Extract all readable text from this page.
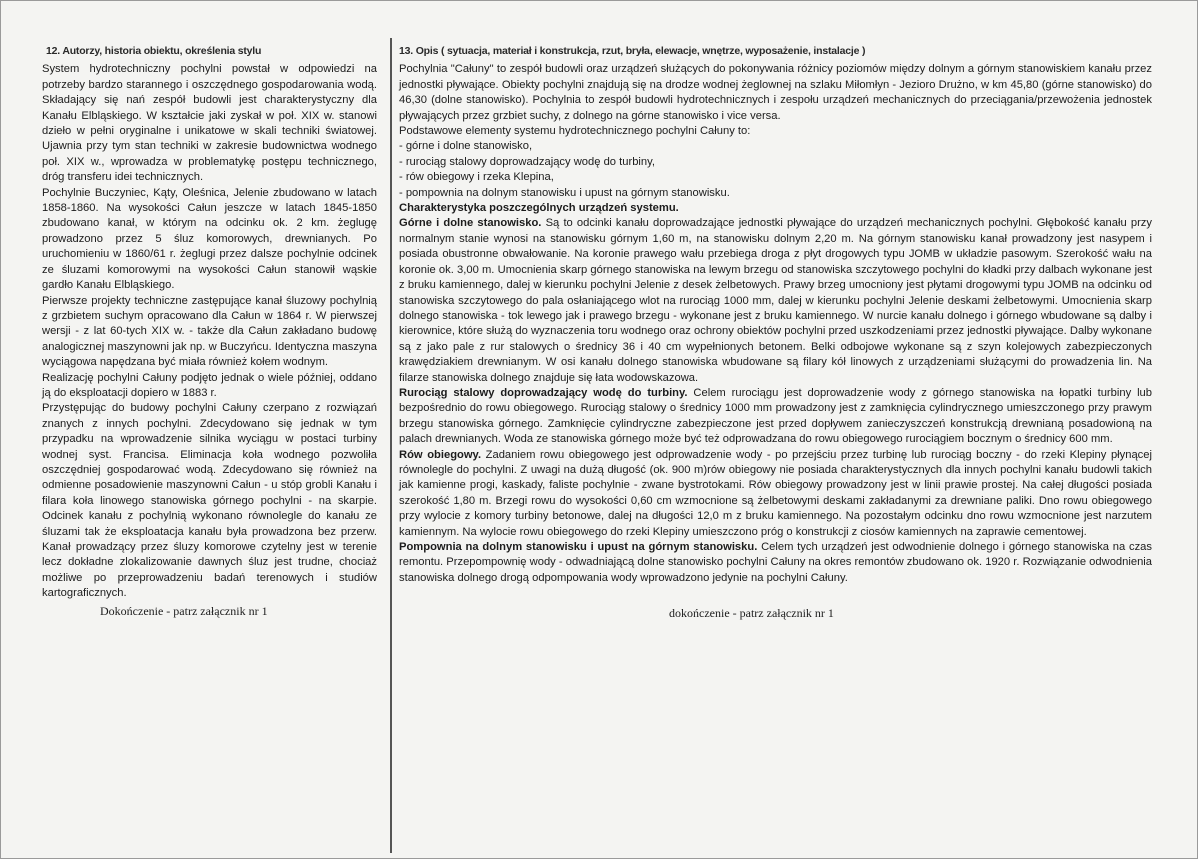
12. Autorzy, historia obiektu, określenia stylu

System hydrotechniczny pochylni powstał w odpowiedzi na potrzeby bardzo starannego i oszczędnego gospodarowania wodą. Składający się nań zespół budowli jest charakterystyczny dla Kanału Elbląskiego. W kształcie jaki zyskał w poł. XIX w. stanowi dzieło w pełni oryginalne i unikatowe w skali techniki światowej. Ujawnia przy tym stan techniki w zakresie budownictwa wodnego poł. XIX w., wprowadza w problematykę postępu technicznego, dróg transferu idei technicznych.

Pochylnie Buczyniec, Kąty, Oleśnica, Jelenie zbudowano w latach 1858-1860. Na wysokości Całun jeszcze w latach 1845-1850 zbudowano kanał, w którym na odcinku ok. 2 km. żeglugę prowadzono przez 5 śluz komorowych, drewnianych. Po uruchomieniu w 1860/61 r. żeglugi przez dalsze pochylnie odcinek ze śluzami komorowymi na wysokości Całun stanowił wąskie gardło Kanału Elbląskiego.

Pierwsze projekty techniczne zastępujące kanał śluzowy pochylnią z grzbietem suchym opracowano dla Całun w 1864 r. W pierwszej wersji - z lat 60-tych XIX w. - także dla Całun zakładano budowę analogicznej maszynowni jak np. w Buczyńcu. Identyczna maszyna wyciągowa napędzana być miała również kołem wodnym.

Realizację pochylni Całuny podjęto jednak o wiele później, oddano ją do eksploatacji dopiero w 1883 r.

Przystępując do budowy pochylni Całuny czerpano z rozwiązań znanych z innych pochylni. Zdecydowano się jednak w tym przypadku na wprowadzenie silnika wyciągu w postaci turbiny wodnej syst. Francisa. Eliminacja koła wodnego pozwoliła oszczędniej gospodarować wodą. Zdecydowano się również na odmienne posadowienie maszynowni Całun - u stóp grobli Kanału i filara koła linowego stanowiska górnego pochylni - na skarpie. Odcinek kanału z pochylnią wykonano równolegle do kanału ze śluzami tak że eksploatacja kanału była prowadzona bez przerw. Kanał prowadzący przez śluzy komorowe czytelny jest w terenie lecz dokładne zlokalizowanie dawnych śluz jest trudne, chociaż możliwe po przeprowadzeniu badań terenowych i studiów kartograficznych.

Dokończenie - patrz załącznik nr 1
13. Opis ( sytuacja, materiał i konstrukcja, rzut, bryła, elewacje, wnętrze, wyposażenie, instalacje )

Pochylnia "Całuny" to zespół budowli oraz urządzeń służących do pokonywania różnicy poziomów między dolnym a górnym stanowiskiem kanału przez jednostki pływające. Obiekty pochylni znajdują się na drodze wodnej żeglownej na szlaku Miłomłyn - Jezioro Drużno, w km 45,80 (górne stanowisko) do 46,30 (dolne stanowisko). Pochylnia to zespół budowli hydrotechnicznych i zespołu urządzeń mechanicznych do przeciągania/przewożenia jednostek pływających przez grzbiet suchy, z dolnego na górne stanowisko i vice versa.

Podstawowe elementy systemu hydrotechnicznego pochylni Całuny to:
- górne i dolne stanowisko,
- rurociąg stalowy doprowadzający wodę do turbiny,
- rów obiegowy i rzeka Klepina,
- pompownia na dolnym stanowisku i upust na górnym stanowisku.
Charakterystyka poszczególnych urządzeń systemu.

Górne i dolne stanowisko. Są to odcinki kanału doprowadzające jednostki pływające do urządzeń mechanicznych pochylni. Głębokość kanału przy normalnym stanie wynosi na stanowisku górnym 1,60 m, na stanowisku dolnym 2,20 m. Na górnym stanowisku kanał prowadzony jest nasypem i posiada obustronne obwałowanie. Na koronie prawego wału przebiega droga z płyt drogowych typu JOMB w układzie pasowym. Szerokość wału na koronie ok. 3,00 m. Umocnienia skarp górnego stanowiska na lewym brzegu od stanowiska szczytowego pochylni do kładki przy dalbach wykonane jest z bruku kamiennego, dalej w kierunku pochylni Jelenie z desek żelbetowych. Prawy brzeg umocniony jest płytami drogowymi typu JOMB na odcinku od stanowiska szczytowego do pala osłaniającego wlot na rurociąg 1000 mm, dalej w kierunku pochylni Jelenie deskami żelbetowymi. Umocnienia skarp dolnego stanowiska - tok lewego jak i prawego brzegu - wykonane jest z bruku kamiennego. W nurcie kanału dolnego i górnego wbudowane są dalby i kierownice, które służą do wyznaczenia toru wodnego oraz ochrony obiektów pochylni przed uszkodzeniami przez jednostki pływające. Dalby wykonane są z jako pale z rur stalowych o średnicy 36 i 40 cm wypełnionych betonem. Belki odbojowe wykonane są z szyn kolejowych zabezpieczonych krawędziakiem drewnianym. W osi kanału dolnego stanowiska wbudowane są filary kół linowych z urządzeniami służącymi do prowadzenia lin. Na filarze stanowiska dolnego znajduje się łata wodowskazowa.

Rurociąg stalowy doprowadzający wodę do turbiny. Celem rurociągu jest doprowadzenie wody z górnego stanowiska na łopatki turbiny lub bezpośrednio do rowu obiegowego. Rurociąg stalowy o średnicy 1000 mm prowadzony jest z zamknięcia cylindrycznego umieszczonego przy prawym brzegu stanowiska górnego. Zamknięcie cylindryczne zabezpieczone jest przed dopływem zanieczyszczeń konstrukcją drewnianą posadowioną na palach drewnianych. Woda ze stanowiska górnego może być też odprowadzana do rowu obiegowego rurociągiem bocznym o średnicy 600 mm.

Rów obiegowy. Zadaniem rowu obiegowego jest odprowadzenie wody - po przejściu przez turbinę lub rurociąg boczny - do rzeki Klepiny płynącej równolegle do pochylni. Z uwagi na dużą długość (ok. 900 m)rów obiegowy nie posiada charakterystycznych dla innych pochylni kanału budowli takich jak kamienne progi, kaskady, faliste pochylnie - zwane bystrotokami. Rów obiegowy prowadzony jest w linii prawie prostej. Na całej długości posiada szerokość 1,80 m. Brzegi rowu do wysokości 0,60 cm wzmocnione są żelbetowymi deskami zakładanymi za drewniane paliki. Dno rowu obiegowego przy wylocie z komory turbiny betonowe, dalej na długości 12,0 m z bruku kamiennego. Na pozostałym odcinku dno rowu wzmocnione jest narzutem kamiennym. Na wylocie rowu obiegowego do rzeki Klepiny umieszczono próg o konstrukcji z ciosów kamiennych na zaprawie cementowej.

Pompownia na dolnym stanowisku i upust na górnym stanowisku. Celem tych urządzeń jest odwodnienie dolnego i górnego stanowiska na czas remontu. Przepompownię wody - odwadniającą dolne stanowisko pochylni Całuny na okres remontów zbudowano ok. 1920 r. Rozwiązanie odwodnienia stanowiska dolnego drogą odpompowania wody wprowadzono jedynie na pochylni Całuny.

dokończenie - patrz załącznik nr 1
